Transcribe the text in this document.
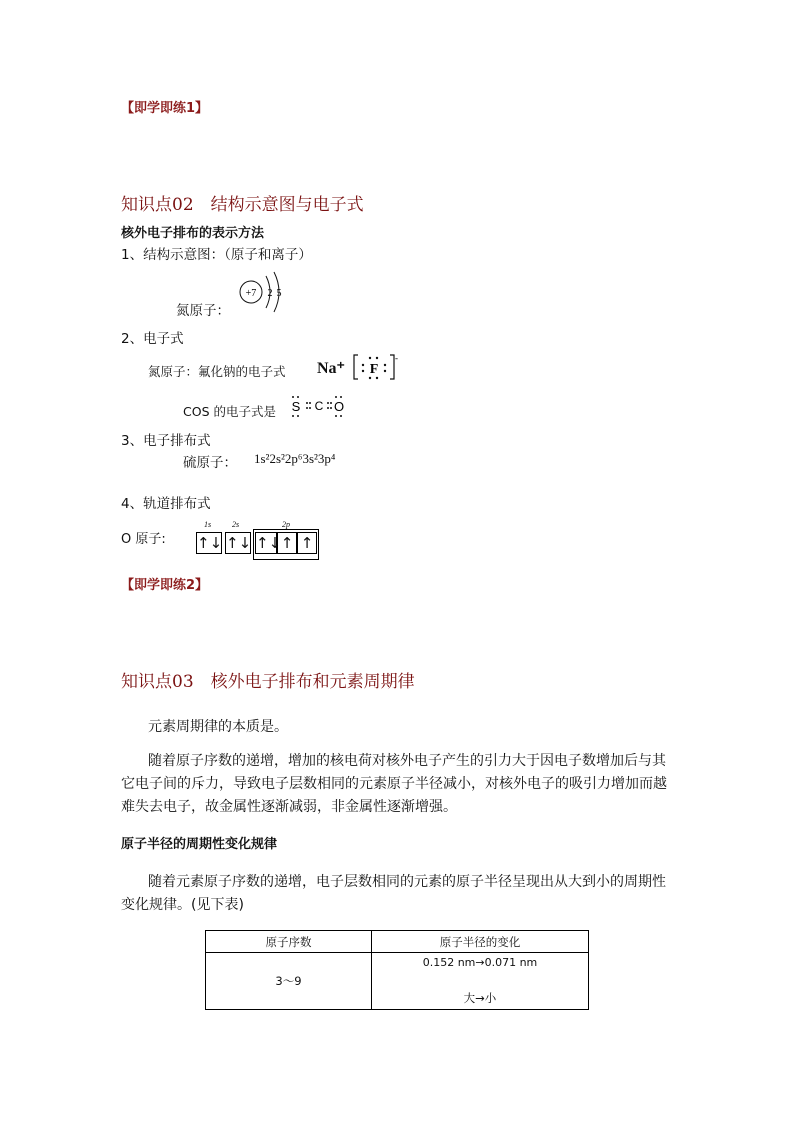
【即学即练1】
知识点02　结构示意图与电子式
核外电子排布的表示方法
1、结构示意图：（原子和离子）
氮原子：
+7 2 5
2、电子式
氮原子：氟化钠的电子式 Na⁺ F
-
COS 的电子式是 S C O
3、电子排布式
硫原子： 1s²2s²2p⁶3s²3p⁴
4、轨道排布式
O 原子:
1s	2s	2p
↑↓ ↑↓ ↑↓ ↑ ↑
【即学即练2】
知识点03　核外电子排布和元素周期律
元素周期律的本质是。
随着原子序数的递增，增加的核电荷对核外电子产生的引力大于因电子数增加后与其它电子间的斥力，导致电子层数相同的元素原子半径减小，对核外电子的吸引力增加而越难失去电子，故金属性逐渐减弱，非金属性逐渐增强。
原子半径的周期性变化规律
随着元素原子序数的递增，电子层数相同的元素的原子半径呈现出从大到小的周期性变化规律。(见下表)
原子序数	原子半径的变化
3～9	0.152 nm→0.071 nm
大→小
